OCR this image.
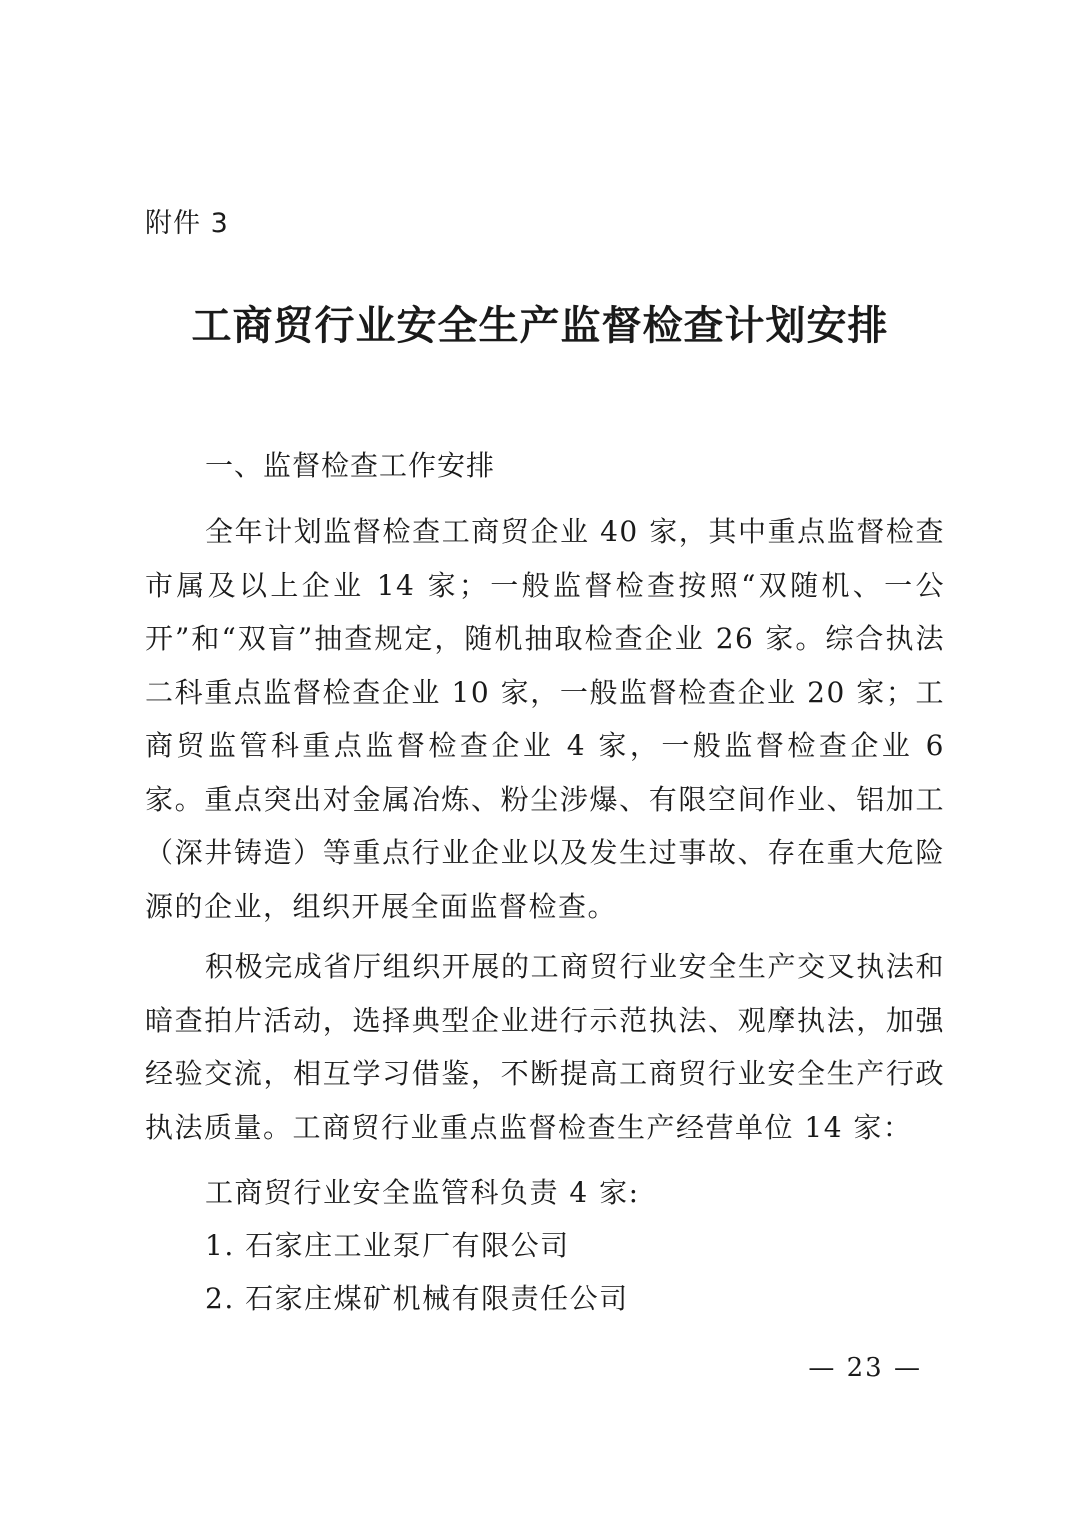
附件 3
工商贸行业安全生产监督检查计划安排
一、监督检查工作安排

全年计划监督检查工商贸企业 40 家，其中重点监督检查市属及以上企业 14 家；一般监督检查按照“双随机、一公开”和“双盲”抽查规定，随机抽取检查企业 26 家。综合执法二科重点监督检查企业 10 家，一般监督检查企业 20 家；工商贸监管科重点监督检查企业 4 家，一般监督检查企业 6 家。重点突出对金属冶炼、粉尘涉爆、有限空间作业、铝加工（深井铸造）等重点行业企业以及发生过事故、存在重大危险源的企业，组织开展全面监督检查。

积极完成省厅组织开展的工商贸行业安全生产交叉执法和暗查拍片活动，选择典型企业进行示范执法、观摩执法，加强经验交流，相互学习借鉴，不断提高工商贸行业安全生产行政执法质量。工商贸行业重点监督检查生产经营单位 14 家：

工商贸行业安全监管科负责 4 家:
1. 石家庄工业泵厂有限公司
2. 石家庄煤矿机械有限责任公司
— 23 —
